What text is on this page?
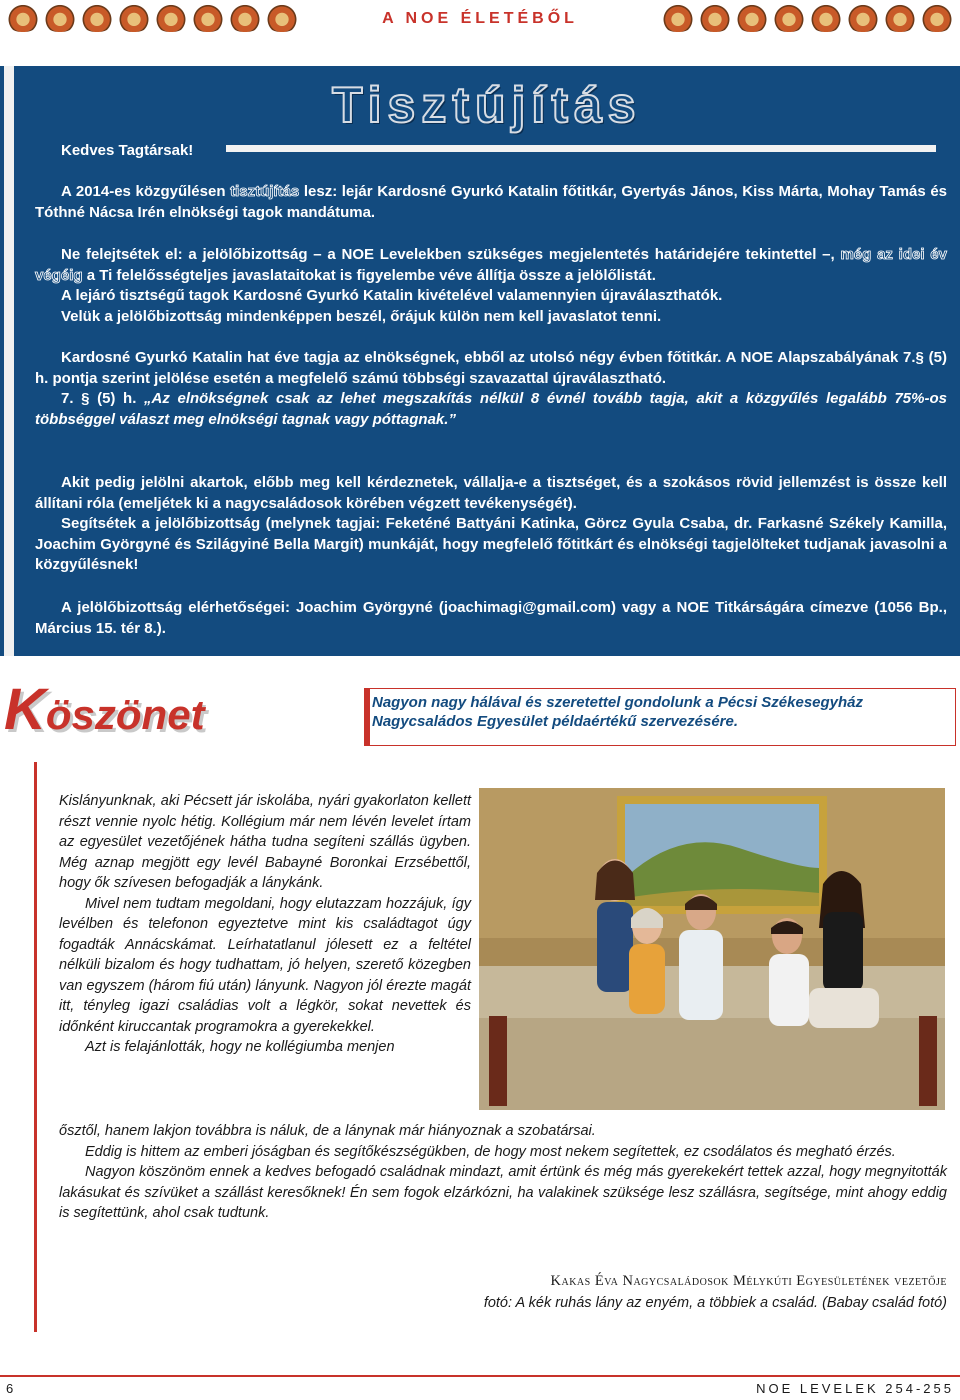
A NOE ÉLETÉBŐL
Tisztújítás

Kedves Tagtársak!

A 2014-es közgyűlésen tisztújítás lesz: lejár Kardosné Gyurkó Katalin főtitkár, Gyertyás János, Kiss Márta, Mohay Tamás és Tóthné Nácsa Irén elnökségi tagok mandátuma.

Ne felejtsétek el: a jelölőbizottság – a NOE Levelekben szükséges megjelentetés határidejére tekintettel –, még az idei év végéig a Ti felelősségteljes javaslataitokat is figyelembe véve állítja össze a jelölőlistát.

A lejáró tisztségű tagok Kardosné Gyurkó Katalin kivételével valamennyien újraválaszthatók.

Velük a jelölőbizottság mindenképpen beszél, őrájuk külön nem kell javaslatot tenni.

Kardosné Gyurkó Katalin hat éve tagja az elnökségnek, ebből az utolsó négy évben főtitkár. A NOE Alapszabályának 7.§ (5) h. pontja szerint jelölése esetén a megfelelő számú többségi szavazattal újraválasztható.

7. § (5) h. „Az elnökségnek csak az lehet megszakítás nélkül 8 évnél tovább tagja, akit a közgyűlés legalább 75%-os többséggel választ meg elnökségi tagnak vagy póttagnak.”

Akit pedig jelölni akartok, előbb meg kell kérdeznetek, vállalja-e a tisztséget, és a szokásos rövid jellemzést is össze kell állítani róla (emeljétek ki a nagycsaládosok körében végzett tevékenységét).

Segítsétek a jelölőbizottság (melynek tagjai: Feketéné Battyáni Katinka, Görcz Gyula Csaba, dr. Farkasné Székely Kamilla, Joachim Györgyné és Szilágyiné Bella Margit) munkáját, hogy megfelelő főtitkárt és elnökségi tagjelölteket tudjanak javasolni a közgyűlésnek!

A jelölőbizottság elérhetőségei: Joachim Györgyné (joachimagi@gmail.com) vagy a NOE Titkárságára címezve (1056 Bp., Március 15. tér 8.).

Köszönet	Nagyon nagy hálával és szeretettel gondolunk a Pécsi Székesegyház Nagycsaládos Egyesület példaértékű szervezésére.

Kislányunknak, aki Pécsett jár iskolába, nyári gyakorlaton kellett részt vennie nyolc hétig. Kollégium már nem lévén levelet írtam az egyesület vezetőjének hátha tudna segíteni szállás ügyben. Még aznap megjött egy levél Babayné Boronkai Erzsébettől, hogy ők szívesen befogadják a lánykánk.

Mivel nem tudtam megoldani, hogy elutazzam hozzájuk, így levélben és telefonon egyeztetve mint kis családtagot úgy fogadták Annácskámat. Leírhatatlanul jólesett ez a feltétel nélküli bizalom és hogy tudhattam, jó helyen, szerető közegben van egyszem (három fiú után) lányunk. Nagyon jól érezte magát itt, tényleg igazi családias volt a légkör, sokat nevettek és időnként kiruccantak programokra a gyerekekkel.

Azt is felajánlották, hogy ne kollégiumba menjen

ősztől, hanem lakjon továbbra is náluk, de a lánynak már hiányoznak a szobatársai.

Eddig is hittem az emberi jóságban és segítőkészségükben, de hogy most nekem segítettek, ez csodálatos és megható érzés.

Nagyon köszönöm ennek a kedves befogadó családnak mindazt, amit értünk és még más gyerekekért tettek azzal, hogy megnyitották lakásukat és szívüket a szállást keresőknek! Én sem fogok elzárkózni, ha valakinek szüksége lesz szállásra, segítsége, mint ahogy eddig is segítettünk, ahol csak tudtunk.

Kakas Éva Nagycsaládosok Mélykúti Egyesületének vezetője
fotó: A kék ruhás lány az enyém, a többiek a család. (Babay család fotó)
6	NOE LEVELEK 254-255
